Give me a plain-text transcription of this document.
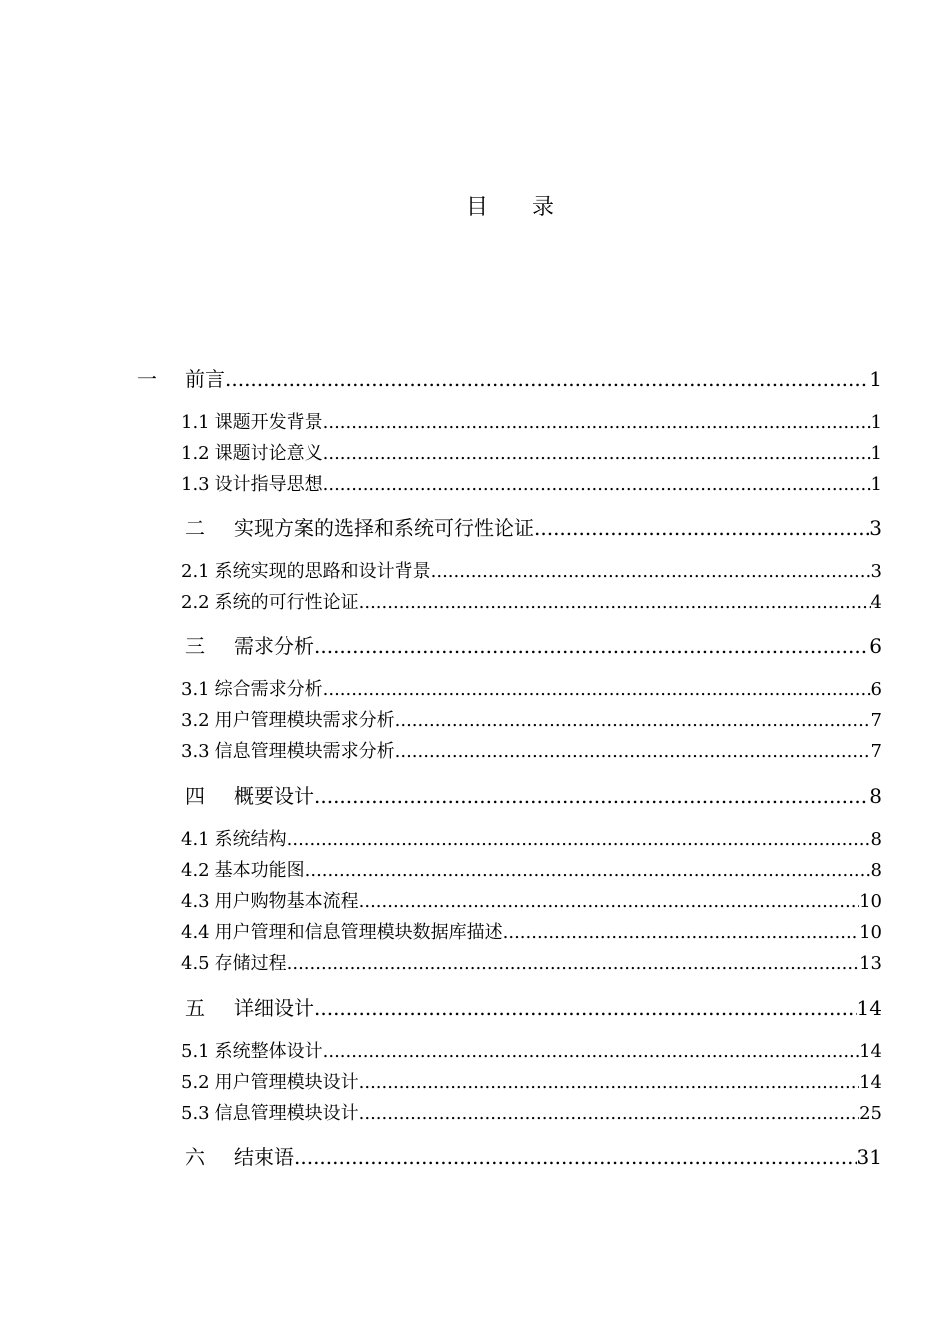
目　　录
一	前言 .....	1
1.1 课题开发背景 .....	1
1.2 课题讨论意义 .....	1
1.3 设计指导思想 .....	1
二	实现方案的选择和系统可行性论证 .....	3
2.1 系统实现的思路和设计背景 .....	3
2.2 系统的可行性论证 .....	4
三	需求分析 .....	6
3.1 综合需求分析 .....	6
3.2 用户管理模块需求分析 .....	7
3.3 信息管理模块需求分析 .....	7
四	概要设计 .....	8
4.1 系统结构 .....	8
4.2 基本功能图 .....	8
4.3 用户购物基本流程 .....	10
4.4 用户管理和信息管理模块数据库描述 .....	10
4.5 存储过程 .....	13
五	详细设计 .....	14
5.1 系统整体设计 .....	14
5.2 用户管理模块设计 .....	14
5.3 信息管理模块设计 .....	25
六	结束语 .....	31
